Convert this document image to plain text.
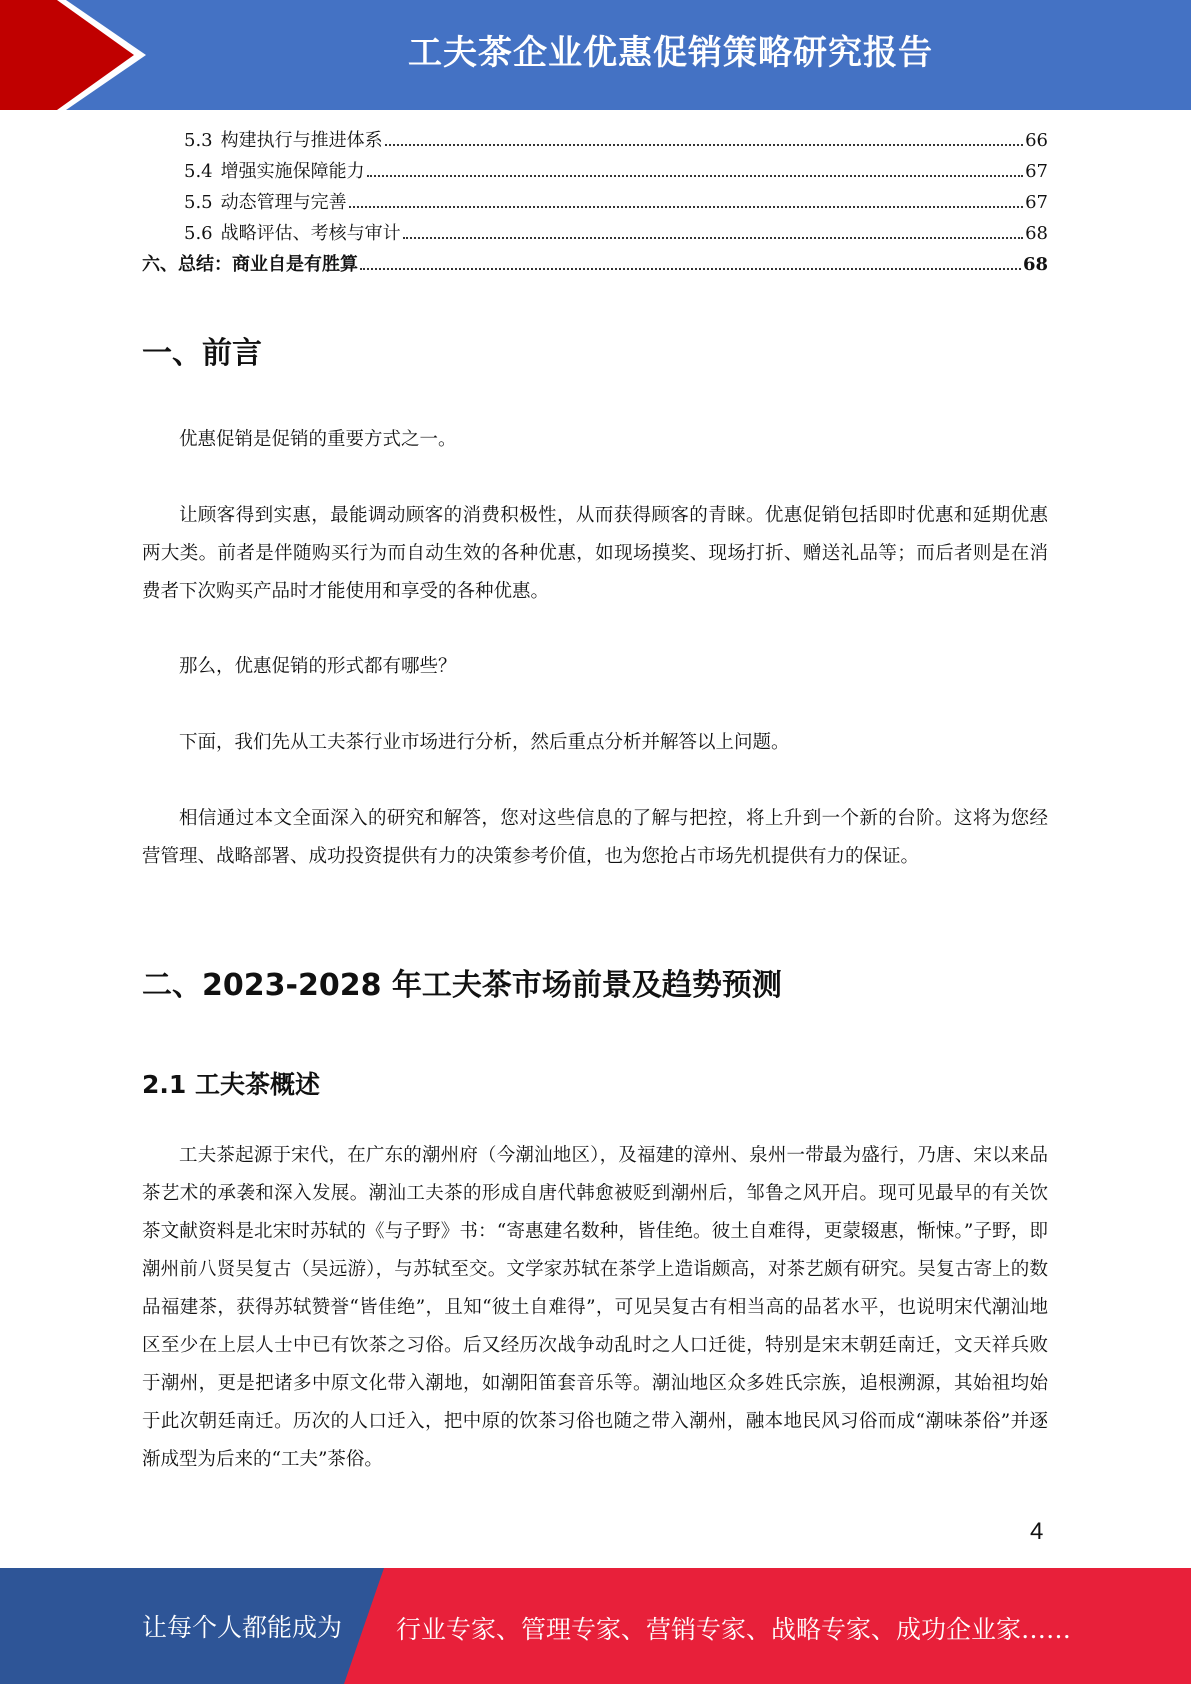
工夫茶企业优惠促销策略研究报告
5.3 构建执行与推进体系	66
5.4 增强实施保障能力	67
5.5 动态管理与完善	67
5.6 战略评估、考核与审计	68
六、总结：商业自是有胜算	68
一、前言

优惠促销是促销的重要方式之一。

让顾客得到实惠，最能调动顾客的消费积极性，从而获得顾客的青睐。优惠促销包括即时优惠和延期优惠两大类。前者是伴随购买行为而自动生效的各种优惠，如现场摸奖、现场打折、赠送礼品等；而后者则是在消费者下次购买产品时才能使用和享受的各种优惠。

那么，优惠促销的形式都有哪些？

下面，我们先从工夫茶行业市场进行分析，然后重点分析并解答以上问题。

相信通过本文全面深入的研究和解答，您对这些信息的了解与把控，将上升到一个新的台阶。这将为您经营管理、战略部署、成功投资提供有力的决策参考价值，也为您抢占市场先机提供有力的保证。

二、2023-2028 年工夫茶市场前景及趋势预测
2.1 工夫茶概述

工夫茶起源于宋代，在广东的潮州府（今潮汕地区），及福建的漳州、泉州一带最为盛行，乃唐、宋以来品茶艺术的承袭和深入发展。潮汕工夫茶的形成自唐代韩愈被贬到潮州后，邹鲁之风开启。现可见最早的有关饮茶文献资料是北宋时苏轼的《与子野》书：“寄惠建名数种，皆佳绝。彼土自难得，更蒙辍惠，惭悚。”子野，即潮州前八贤吴复古（吴远游），与苏轼至交。文学家苏轼在茶学上造诣颇高，对茶艺颇有研究。吴复古寄上的数品福建茶，获得苏轼赞誉“皆佳绝”，且知“彼土自难得”，可见吴复古有相当高的品茗水平，也说明宋代潮汕地区至少在上层人士中已有饮茶之习俗。后又经历次战争动乱时之人口迁徙，特别是宋末朝廷南迁，文天祥兵败于潮州，更是把诸多中原文化带入潮地，如潮阳笛套音乐等。潮汕地区众多姓氏宗族，追根溯源，其始祖均始于此次朝廷南迁。历次的人口迁入，把中原的饮茶习俗也随之带入潮州，融本地民风习俗而成“潮味茶俗”并逐渐成型为后来的“工夫”茶俗。

4
让每个人都能成为 行业专家、管理专家、营销专家、战略专家、成功企业家……
